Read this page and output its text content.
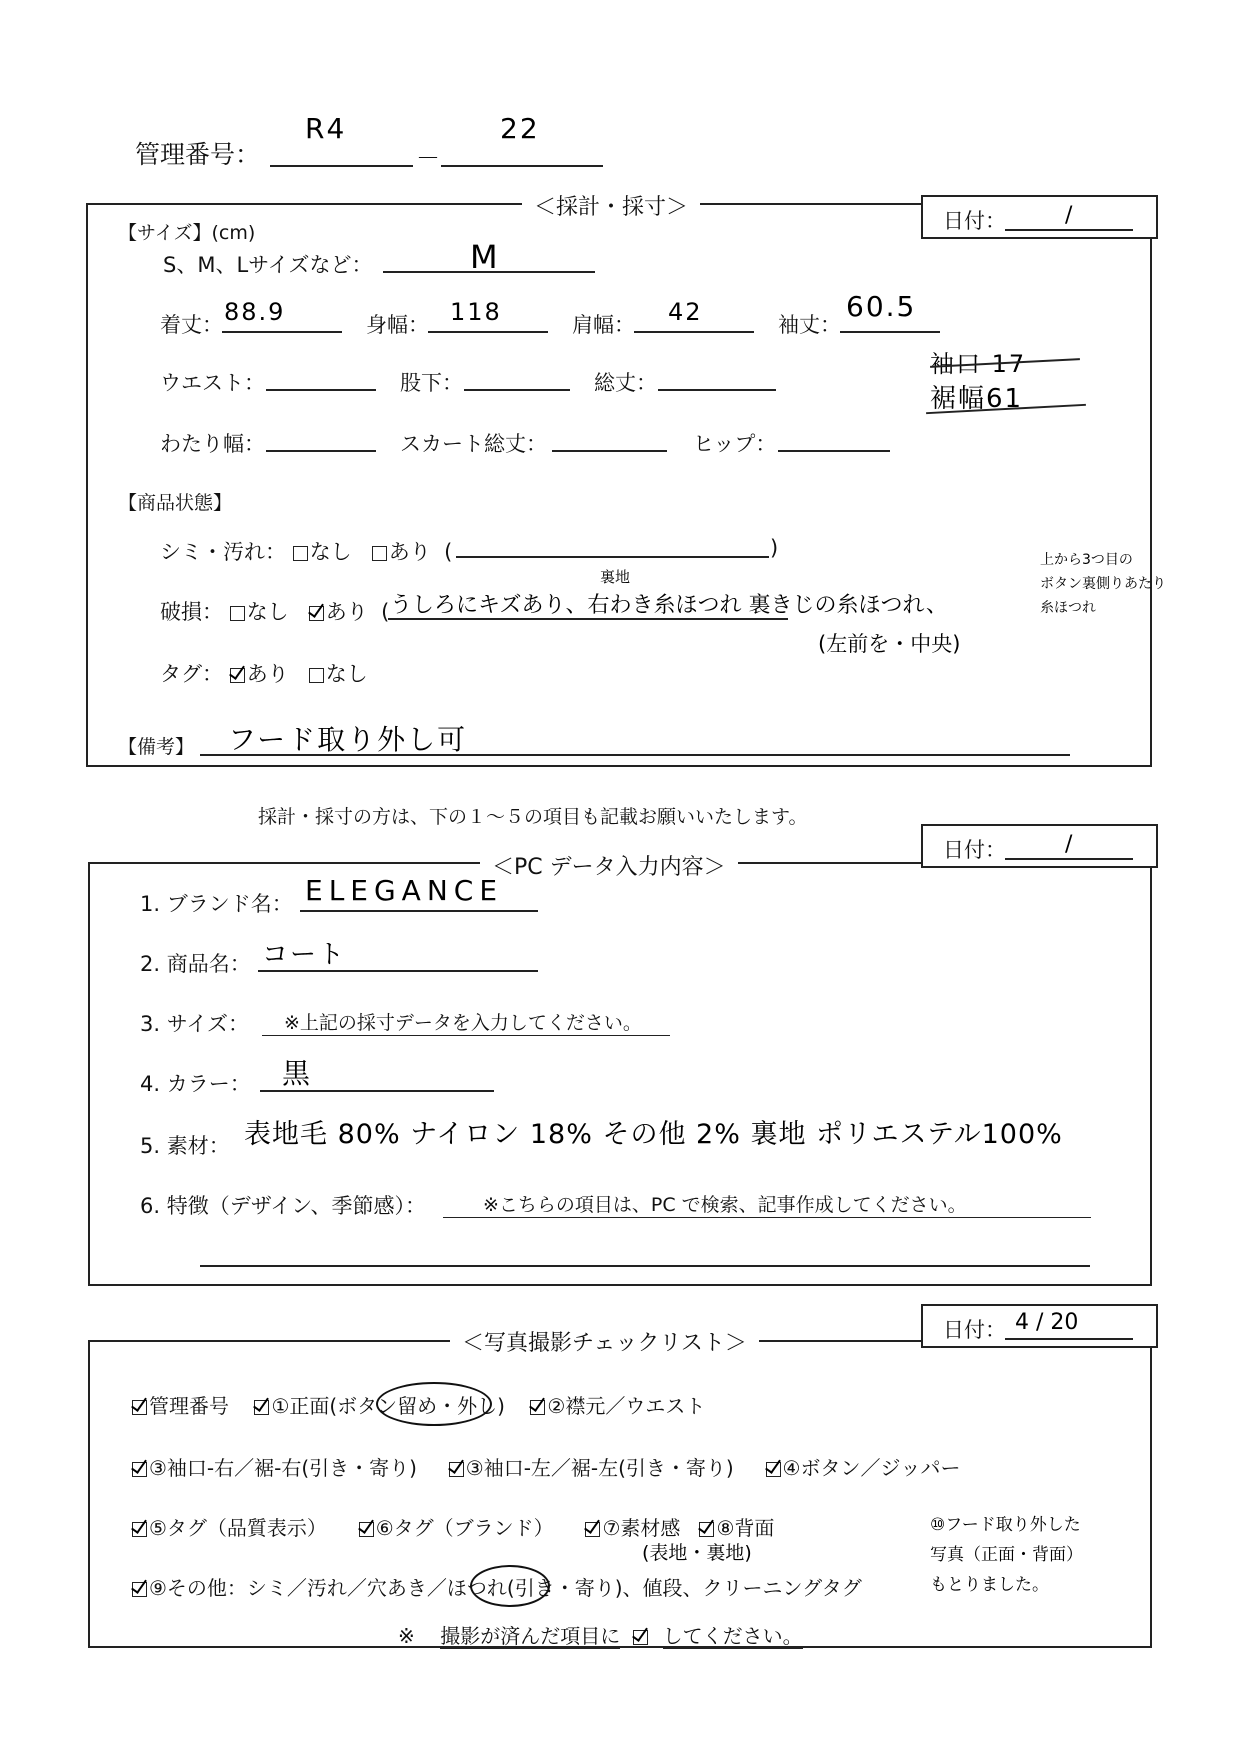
管理番号：
R4
－
22
＜採計・採寸＞
日付：	/
【サイズ】(cm)
S、M、Lサイズなど：	M
着丈： 88.9	身幅： 118	肩幅： 42	袖丈：
60.5
袖口 17
裾幅61
ウエスト：	股下：	総丈：
わたり幅：	スカート総丈：	ヒップ：
【商品状態】
シミ・汚れ： なし あり (	)
破損： なし あり (
裏地
うしろにキズあり、右わき糸ほつれ 裏きじの糸ほつれ、
(左前を・中央)
上から3つ目の
ボタン裏側りあたり
糸ほつれ
タグ： あり なし
【備考】 フード取り外し可
採計・採寸の方は、下の１～５の項目も記載お願いいたします。
＜PC データ入力内容＞
日付：	/
1. ブランド名： ELEGANCE
2. 商品名： コート
3. サイズ：	※上記の採寸データを入力してください。
4. カラー： 黒
5. 素材： 表地毛 80% ナイロン 18% その他 2% 裏地 ポリエステル100%
6. 特徴（デザイン、季節感）：	※こちらの項目は、PC で検索、記事作成してください。
＜写真撮影チェックリスト＞
日付： 4 / 20
管理番号 ①正面(ボタン留め・外し) ②襟元／ウエスト
③袖口-右／裾-右(引き・寄り) ③袖口-左／裾-左(引き・寄り) ④ボタン／ジッパー
⑤タグ（品質表示） ⑥タグ（ブランド） ⑦素材感 ⑧背面
(表地・裏地)
⑨その他：シミ／汚れ／穴あき／ほつれ(引き・寄り)、値段、クリーニングタグ
⑩フード取り外した
写真（正面・背面）
もとりました。
※ 撮影が済んだ項目に してください。
